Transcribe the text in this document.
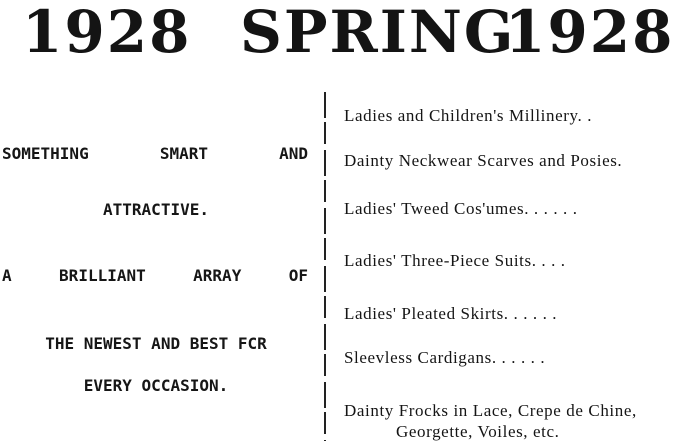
1928 SPRING
1928
SOMETHING SMART AND
ATTRACTIVE.
A BRILLIANT ARRAY OF
THE NEWEST AND BEST FCR
EVERY OCCASION.
Ladies and Children's Millinery. .
Dainty Neckwear Scarves and Posies.
Ladies' Tweed Cos'umes. . . . . .
Ladies' Three-Piece Suits. . . .
Ladies' Pleated Skirts. . . . . .
Sleevless Cardigans. . . . . .
Dainty Frocks in Lace, Crepe de Chine,
Georgette, Voiles, etc.
